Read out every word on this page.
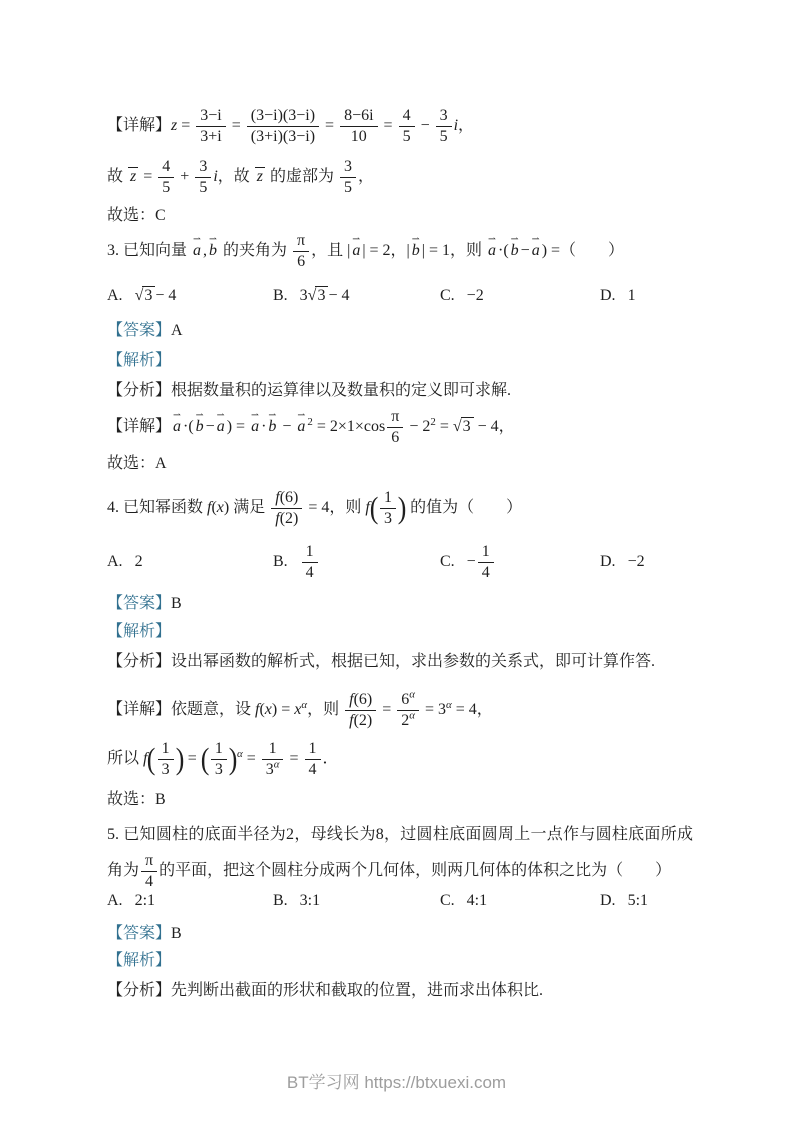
【详解】$z = \frac{3-i}{3+i} = \frac{(3-i)(3-i)}{(3+i)(3-i)} = \frac{8-6i}{10} = \frac{4}{5} - \frac{3}{5}$ i，
故 $z = \frac{4}{5} + \frac{3}{5}$ i，故 z 的虚部为 $\frac{3}{5}$ ，
故选：C
3. 已知向量 a ⇀ , b ⇀ 的夹角为 $\frac{\pi}{6}$ ，且 | a ⇀ | = 2，| b ⇀ | = 1，则 a ⇀ ·( b ⇀ − a ⇀ ) =（　　）
A. √3 − 4	B. 3 √3 − 4	C. −2	D. 1
【答案】A
【解析】
【分析】根据数量积的运算律以及数量积的定义即可求解.
【详解】 a ⇀ ·( b ⇀ − a ⇀ ) = a ⇀ · b ⇀ − a ⇀ $^2 = 2\times 1\times\cos \frac{\pi}{6} - 2^2 = √3 - 4$，
故选：A
4. 已知幂函数 f(x) 满足 $\frac{f(6)}{f(2)} = 4$，则 $f( \frac{1}{3}$ ) 的值为（　　）
A. 2	B. $\frac{1}{4}$	C. − $\frac{1}{4}$	D. −2
【答案】B
【解析】
【分析】设出幂函数的解析式，根据已知，求出参数的关系式，即可计算作答.
【详解】依题意，设 $f(x) = x^\alpha$，则 $\frac{f(6)}{f(2)} = \frac{6^\alpha}{2^\alpha} = 3^\alpha = 4$，
所以 $f( \frac{1}{3}$ ) = ( $\frac{1}{3} )^\alpha = \frac{1}{3^\alpha} = \frac{1}{4}$ ．
故选：B
5. 已知圆柱的底面半径为2，母线长为8，过圆柱底面圆周上一点作与圆柱底面所成角为 $\frac{\pi}{4}$ 的平面，把这个圆柱分成两个几何体，则两几何体的体积之比为（　　）
A. 2:1	B. 3:1	C. 4:1	D. 5:1
【答案】B
【解析】
【分析】先判断出截面的形状和截取的位置，进而求出体积比.
BT学习网 https://btxuexi.com
